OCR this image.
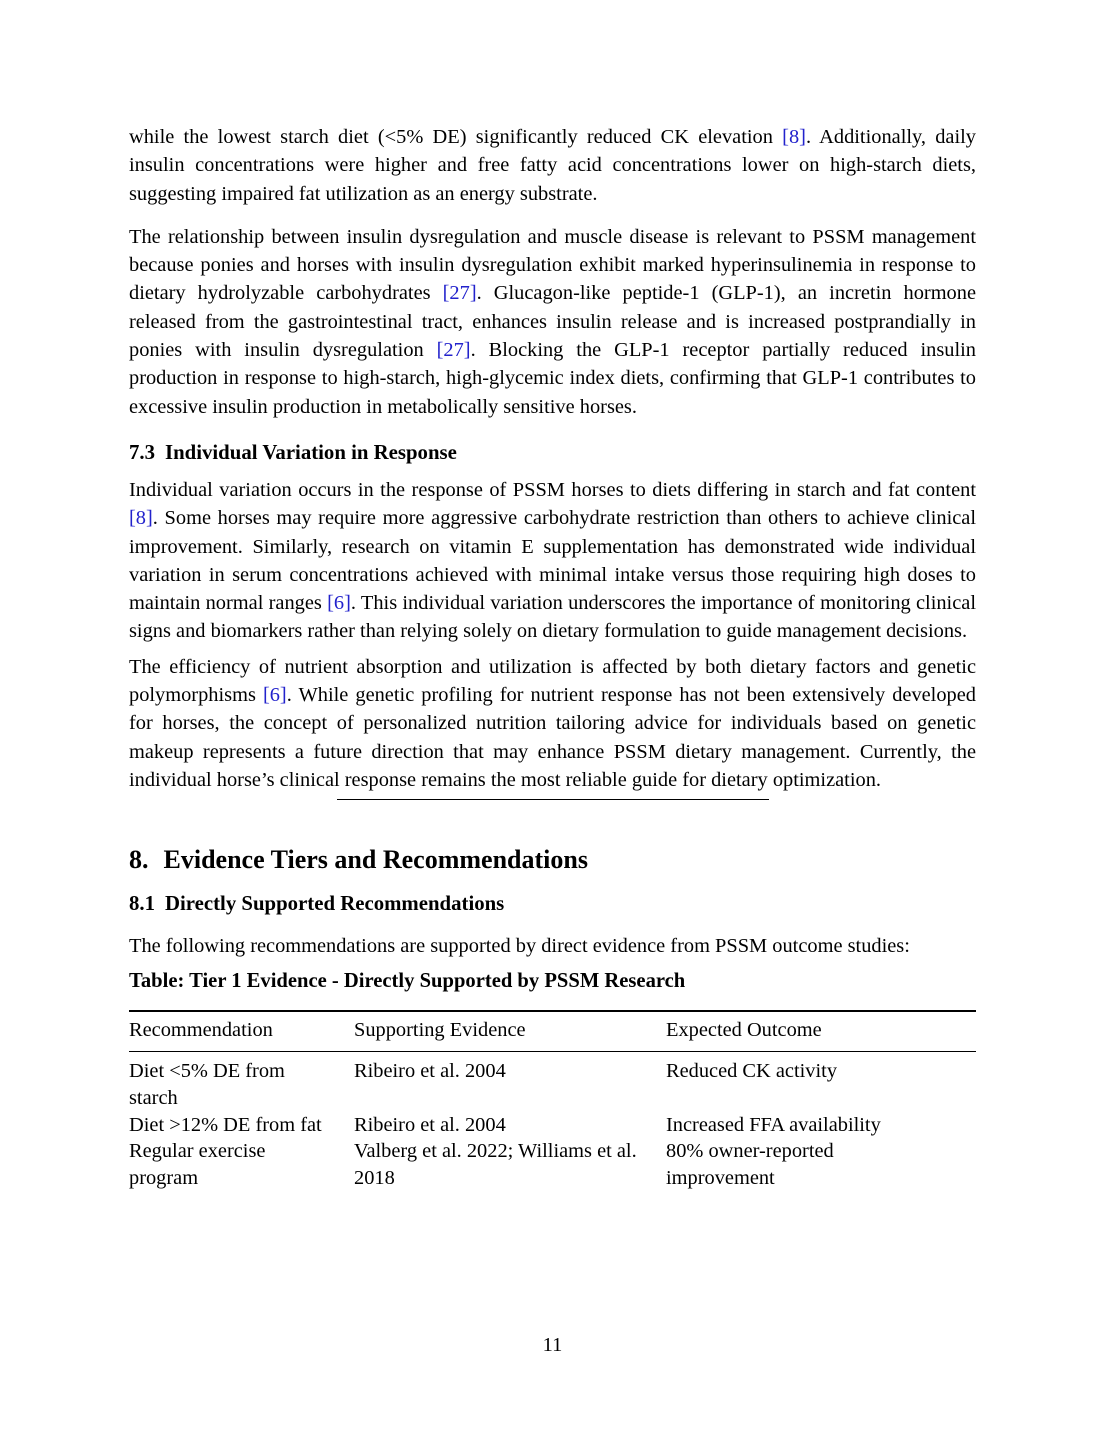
while the lowest starch diet (<5% DE) significantly reduced CK elevation [8]. Additionally, daily insulin concentrations were higher and free fatty acid concentrations lower on high-starch diets, suggesting impaired fat utilization as an energy substrate.

The relationship between insulin dysregulation and muscle disease is relevant to PSSM management because ponies and horses with insulin dysregulation exhibit marked hyperinsulinemia in response to dietary hydrolyzable carbohydrates [27]. Glucagon-like peptide-1 (GLP-1), an incretin hormone released from the gastrointestinal tract, enhances insulin release and is increased postprandially in ponies with insulin dysregulation [27]. Blocking the GLP-1 receptor partially reduced insulin production in response to high-starch, high-glycemic index diets, confirming that GLP-1 contributes to excessive insulin production in metabolically sensitive horses.

7.3 Individual Variation in Response

Individual variation occurs in the response of PSSM horses to diets differing in starch and fat content [8]. Some horses may require more aggressive carbohydrate restriction than others to achieve clinical improvement. Similarly, research on vitamin E supplementation has demonstrated wide individual variation in serum concentrations achieved with minimal intake versus those requiring high doses to maintain normal ranges [6]. This individual variation underscores the importance of monitoring clinical signs and biomarkers rather than relying solely on dietary formulation to guide management decisions.

The efficiency of nutrient absorption and utilization is affected by both dietary factors and genetic polymorphisms [6]. While genetic profiling for nutrient response has not been extensively developed for horses, the concept of personalized nutrition tailoring advice for individuals based on genetic makeup represents a future direction that may enhance PSSM dietary management. Currently, the individual horse’s clinical response remains the most reliable guide for dietary optimization.

8. Evidence Tiers and Recommendations
8.1 Directly Supported Recommendations

The following recommendations are supported by direct evidence from PSSM outcome studies:

Table: Tier 1 Evidence - Directly Supported by PSSM Research

Recommendation	Supporting Evidence	Expected Outcome
Diet <5% DE from starch	Ribeiro et al. 2004	Reduced CK activity
Diet >12% DE from fat	Ribeiro et al. 2004	Increased FFA availability
Regular exercise program	Valberg et al. 2022; Williams et al. 2018	80% owner-reported improvement
11
